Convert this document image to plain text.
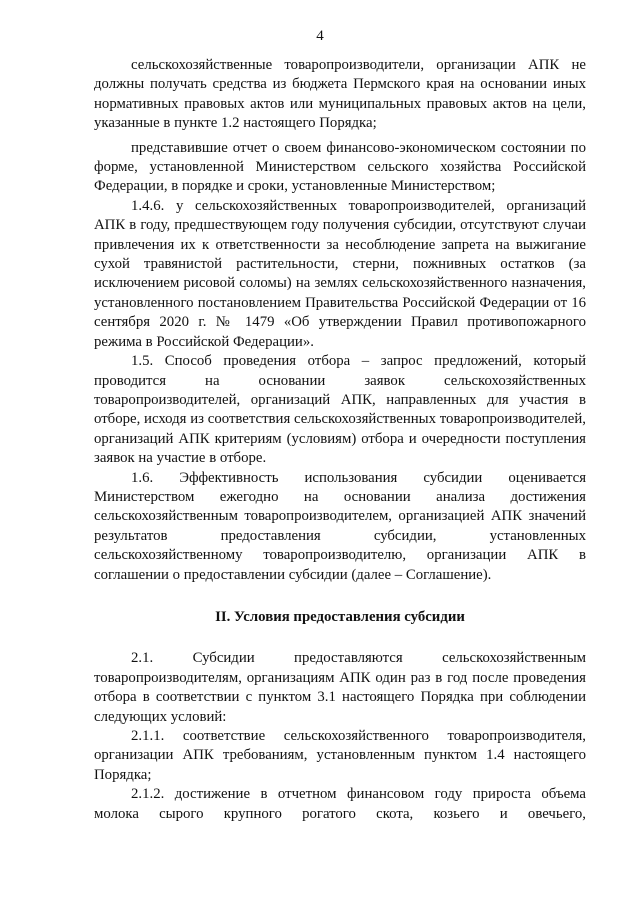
4

сельскохозяйственные товаропроизводители, организации АПК не должны получать средства из бюджета Пермского края на основании иных нормативных правовых актов или муниципальных правовых актов на цели, указанные в пункте 1.2 настоящего Порядка;

представившие отчет о своем финансово-экономическом состоянии по форме, установленной Министерством сельского хозяйства Российской Федерации, в порядке и сроки, установленные Министерством;

1.4.6. у сельскохозяйственных товаропроизводителей, организаций АПК в году, предшествующем году получения субсидии, отсутствуют случаи привлечения их к ответственности за несоблюдение запрета на выжигание сухой травянистой растительности, стерни, пожнивных остатков (за исключением рисовой соломы) на землях сельскохозяйственного назначения, установленного постановлением Правительства Российской Федерации от 16 сентября 2020 г. № 1479 «Об утверждении Правил противопожарного режима в Российской Федерации».

1.5. Способ проведения отбора – запрос предложений, который проводится на основании заявок сельскохозяйственных товаропроизводителей, организаций АПК, направленных для участия в отборе, исходя из соответствия сельскохозяйственных товаропроизводителей, организаций АПК критериям (условиям) отбора и очередности поступления заявок на участие в отборе.

1.6. Эффективность использования субсидии оценивается Министерством ежегодно на основании анализа достижения сельскохозяйственным товаропроизводителем, организацией АПК значений результатов предоставления субсидии, установленных сельскохозяйственному товаропроизводителю, организации АПК в соглашении о предоставлении субсидии (далее – Соглашение).

II. Условия предоставления субсидии

2.1. Субсидии предоставляются сельскохозяйственным товаропроизводителям, организациям АПК один раз в год после проведения отбора в соответствии с пунктом 3.1 настоящего Порядка при соблюдении следующих условий:

2.1.1. соответствие сельскохозяйственного товаропроизводителя, организации АПК требованиям, установленным пунктом 1.4 настоящего Порядка;

2.1.2. достижение в отчетном финансовом году прироста объема молока сырого крупного рогатого скота, козьего и овечьего,
